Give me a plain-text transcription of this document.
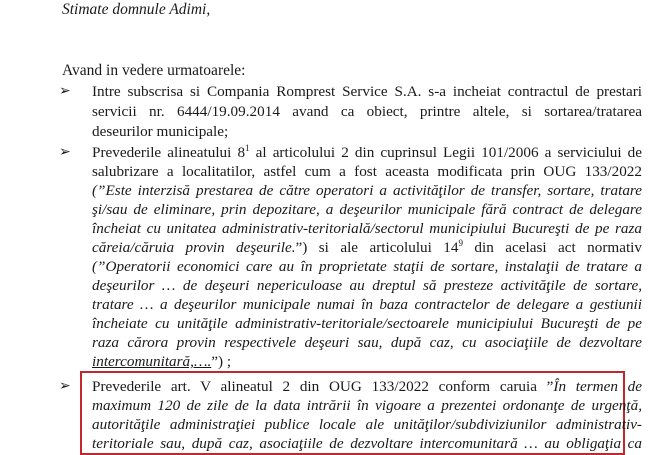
Stimate domnule Adimi,
Avand in vedere urmatoarele:
➢	Intre subscrisa si Compania Romprest Service S.A. s-a incheiat contractul de prestari
servicii nr. 6444/19.09.2014 avand ca obiect, printre altele, si sortarea/tratarea
deseurilor municipale;
➢	Prevederile alineatului $8^1$ al articolului 2 din cuprinsul Legii 101/2006 a serviciului de
salubrizare a localitatilor, astfel cum a fost aceasta modificata prin OUG 133/2022
(”Este interzisă prestarea de către operatori a activităţilor de transfer, sortare, tratare
şi/sau de eliminare, prin depozitare, a deşeurilor municipale fără contract de delegare
încheiat cu unitatea administrativ-teritorială/sectorul municipiului Bucureşti de pe raza
căreia/căruia provin deşeurile.”) si ale articolului $14^9$ din acelasi act normativ
(”Operatorii economici care au în proprietate staţii de sortare, instalaţii de tratare a
deşeurilor … de deşeuri nepericuloase au dreptul să presteze activităţile de sortare,
tratare … a deşeurilor municipale numai în baza contractelor de delegare a gestiunii
încheiate cu unităţile administrativ-teritoriale/sectoarele municipiului Bucureşti de pe
raza cărora provin respectivele deşeuri sau, după caz, cu asociaţiile de dezvoltare
intercomunitară,….”) ;
➢	Prevederile art. V alineatul 2 din OUG 133/2022 conform caruia ”În termen de
maximum 120 de zile de la data intrării în vigoare a prezentei ordonanţe de urgenţă,
autorităţile administraţiei publice locale ale unităţilor/subdiviziunilor administrativ-
teritoriale sau, după caz, asociaţiile de dezvoltare intercomunitară … au obligaţia ca
